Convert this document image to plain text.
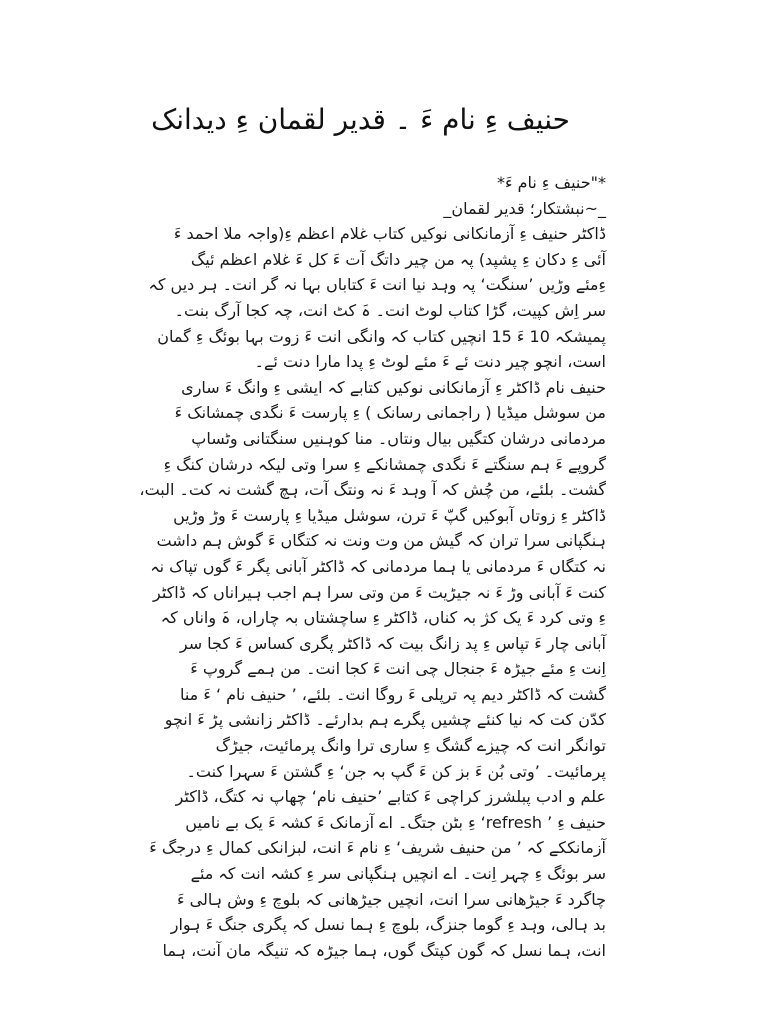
حنیف ءِ نام ءَ ۔ قدیر لقمان ءِ دیدانک
*"حنیف ءِ نام ءَ*
_~نبشتکار؛ قدیر لقمان_
ڈاکٹر حنیف ءِ آزمانکانی نوکیں کتاب غلام اعظم ءِ(واجہ ملا احمد ءَ
آئی ءِ دکان ءِ پشپد) پہ من چیر داتگ آت ءَ کل ءَ غلام اعظم ئیگ
ءِمئے وڑیں ’سنگت‘ پہ وہد نیا انت ءَ کتاباں بہا نہ گر انت۔ ہر دیں کہ
سر اِش کپیت، گڑا کتاب لوٹ انت۔ ہَ کٹ انت، چہ کجا آرگ بنت۔
پمیشکہ 10 ءَ 15 انچیں کتاب کہ وانگی انت ءَ زوت بہا بوئگ ءِ گمان
است، انچو چیر دنت ئے ءَ مئے لوٹ ءِ پدا مارا دنت ئے۔
حنیف نام ڈاکٹر ءِ آزمانکانی نوکیں کتابے کہ ایشی ءِ وانگ ءَ ساری
من سوشل میڈیا ( راجمانی رسانک ) ءِ پارست ءَ نگدی چمشانک ءَ
مردمانی درشان کتگیں بیال ونتاں۔ منا کوہنیں سنگتانی وٹساپ
گروپے ءَ ہم سنگتے ءَ نگدی چمشانکے ءِ سرا وتی لیکہ درشان کنگ ءِ
گشت۔ بلئے، من چُش کہ آ وہد ءَ نہ ونتگ آت، ہچ گشت نہ کت۔ البت،
ڈاکٹر ءِ زوتاں آبوکیں گپّ ءَ ترن، سوشل میڈیا ءِ پارست ءَ وڑ وڑیں
ہنگپانی سرا تران کہ گیش من وت ونت نہ کتگاں ءَ گوش ہم داشت
نہ کتگاں ءَ مردمانی یا ہما مردمانی کہ ڈاکٹر آبانی پگر ءَ گوں تپاک نہ
کنت ءَ آبانی وڑ ءَ نہ جیڑیت ءَ من وتی سرا ہم اجب ہیراناں کہ ڈاکٹر
ءِ وتی کرد ءَ یک کژ بہ کناں، ڈاکٹر ءِ ساچشتاں بہ چاراں، ہَ واناں کہ
آبانی چار ءَ تپاس ءِ پد زانگ بیت کہ ڈاکٹر پگری کساس ءَ کجا سر
اِنت ءِ مئے جیڑہ ءَ جنجال چی انت ءَ کجا انت۔ من ہمے گروپ ءَ
گشت کہ ڈاکٹر دیم پہ ترپلی ءَ روگا انت۔ بلئے، ’ حنیف نام ‘ ءَ منا
کدّن کت کہ نیا کنئے چشیں پگرے ہم بدارئے۔ ڈاکٹر زانشی پڑ ءَ انچو
توانگر انت کہ چیزے گشگ ءِ ساری ترا وانگ پرمائیت، جیڑگ
پرمائیت۔ ’وتی بُن ءَ بز کن ءَ گپ بہ جن‘ ءِ گشتن ءَ سہرا کنت۔
علم و ادب پبلشرز کراچی ءَ کتابے ’حنیف نام‘ چھاپ نہ کتگ، ڈاکٹر
حنیف ءِ ’ refresh‘ ءِ بٹن جتگ۔ اے آزمانک ءَ کشہ ءَ یک بے نامیں
آزمانککے کہ ’ من حنیف شریف‘ ءِ نام ءَ انت، لبزانکی کمال ءِ درجگ ءَ
سر بوئگ ءِ چہر اِنت۔ اے انچیں ہنگپانی سر ءِ کشہ انت کہ مئے
چاگرد ءَ جیڑھانی سرا انت، انچیں جیڑھانی کہ بلوچ ءِ وش ہالی ءَ
بد ہالی، وہد ءِ گوما جنزگ، بلوچ ءِ ہما نسل کہ پگری جنگ ءَ ہوار
انت، ہما نسل کہ گون کپتگ گوں، ہما جیڑہ کہ تنیگہ مان آنت، ہما
